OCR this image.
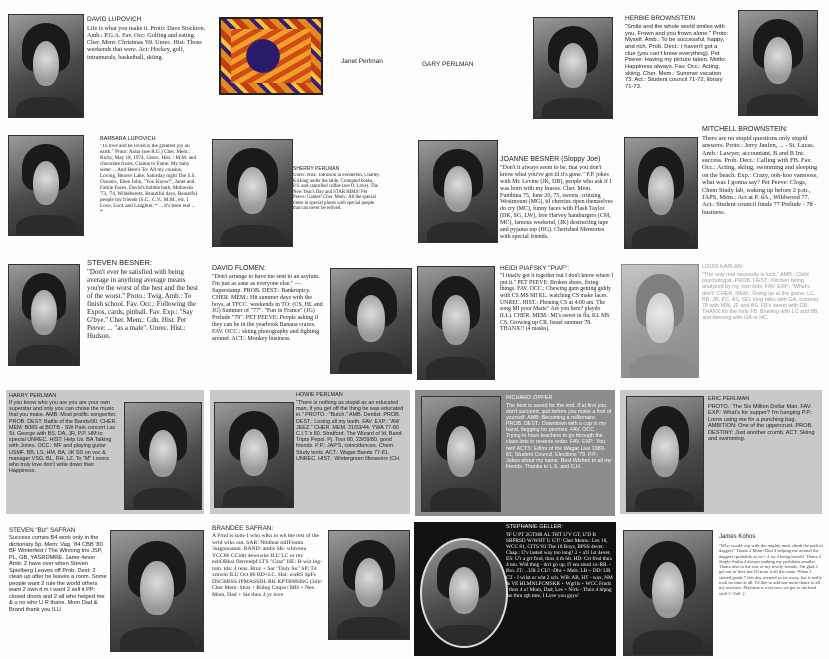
DAVID LUPOVICH
Life is what you make it. Proto: Dave Stockton. Amb.: P.G.A. Fav. Occ: Golfing and eating. Cher. Mem: Christmas '69. Unrec. Hist: Those weekends that were. Act: Hockey, golf, intramurals, basketball, skiing.
Janet Perlman	GARY PERLMAN
HERBIE BROWNSTEIN
"Smile and the whole world smiles with you, Frown and you frown alone." Proto: Myself. Amb.: To be successful, happy, and rich. Prob. Dect.: I haven't got a clue (you can't know everything). Pet Peeve: Having my picture taken. Motto: Happiness always. Fav. Occ.: Acting, skiing. Cher. Mem.: Summer vacation 73. Act.: Student council 71-72, library 71-73.
BARBARA LUPOVICH
"To love and be loved is the greatest joy on earth." Proto: Anita (see R.G.) Cher. Mem.: Ricky, May 18, 1974, Unrec. Hist. / M.M. and chocolate frosts, Claims to Fame: My baby sister ... And Here's To: All my cousins, Loving, Beaver Lake, Saturday night The S.S. Oceanic, Eben John, "You Know!", Janet and Farkle Faces, David's bubble bath, Mohawks '73, '74, Wildeberetz, Beautiful days, Beautiful people my friends (S.C., C.V., M.M., etc. I Love, Luck and Laughter. * ... It's been real ... *
SHERRY PERLMAN
Unrec. Hist.: Intrusion in Fenderton, Charley. Kicking under the table, Crumpled books, P.S. and cancelled coffee (see D. Love). The New Year's Day and STAR HIMS! Pet Peeve: Games! Cher. Mem.: All the special times in special places with special people that can never be relived.
JOANNE BESNER (Sloppy Joe)
"Don't it always seem to be, that you don't know what you've got til it's gone." P.P. jokes with Mr. Levine (JK, DB), people who ask if I was born with my braces. Cher. Mem. Fumbina 75, June 20, 75, sweets, cruising Westmount (MG), til cherries ripen themselves do cry (MC), funny faces with Flash Taylor (DK, SG, LW), free Harvey hamburgers (CM, MC), famous weekend, (JK) destructing tape and pyjama top (HG). Cherished Memories with special friends.
MITCHELL BROWNSTEIN:
There are no stupid questions only stupid answers. Proto.: Jerry Jaufen, ... - St. Lucas. Amb.: Lawyer, accountant, B and B Inc. success. Prob. Dect.: Calling with FB. Fav. Occ.: Acting, skiing, swimming and sleeping on the beach. Exp.: Crazy, ooh-hoo vamoose, what was I gonna say? Pet Peeve: Clogs, Chem Study lab, waking up before 2 p.m., JAPS, Mem.: Act at P. dA., Wildwood 77. Act.: Student council funds 77 Prelude - 78 - business.
STEVEN BESNER:
"Don't ever be satisfied with being average in anything average means you're the worst of the best and the best of the worst." Proto.: Twig. Amb.: To finish school. Fav. Occ.: Following the Expos, cards, pinball. Fav. Exp.: "Say G'bye." Cher. Mem.: Cdn. Hist. Pet Peeve: ... "as a male". Unrec. Hist.: Hudson.
DAVID FLOMEN:
"Don't arrange to have me sent to an asylum. I'm just as sane as everyone else." —Superstamp. PROB. DEST.: Bankruptcy. CHER. MEM.: Hit summer days with the boys, at TFCC. weekends in TO: (CS, HL and JG) Summer of "77". "Fun in France" (JG) Prelude "79". PET PEEVE: People asking if they can be in the yearbook Banana crazes. FAV. OCC.: skiing photography and fighting around. ACT.: Monkey business.
HEIDI PIAFSKY "PIAF":
"I finally got it together but I don't know where I put it." PET PEEVE: Broken shoes, fixing things. FAV. OCC.: Chewing gum getting giddy with CS MS MI KL. watching CS make faces. UNREC. HIST.: Phoning CS at 4:00 am. The song MI poor Marie" Are you here? playdo (LL). CHER. MEM.: MI's sweet in fla, KL MS CS. Growing up CR. Israel summer 78. THANX!! (4 masks).
LOUIS KAPLAN:
"The only real necessity is luck." AMB.: Child psychologist. PROB. DEST.: Kitchen being analyzed by my own kids. FAV. EXP.: "What's don't" CHER. MEM.: Going up at the game, LC, BB, JR, FC, AS, GD, long talks with GA, summer 78 with MW, JF and AS. FB's sweet with GB. THANX for the help FB. Bowling with LC and BB and dancing with GA or HC.
HARRY PERLMAN
If you know who you are you are your own superstar and only you can chose the music that you make. AMB: Most prolific songwriter. PROB. DEST: Battle of the Bands/90. CHER. MEM: BIMS at BOTB - SW Park concert Lac St. George with BS, DA, JR, P.P. HM to special UNREC. HIST: Help Us. BA Talking with Jones. OCC.: MF and playing guitar USMF. BB, LS, HM, BA, JK SD on voc & manager VSG, BL, RH, LZ. To "M" Lovers who truly love don't write down their Happiness.
HOWIE PERLMAN
"There is nothing as stupid as an educated man, if you get off the thing he was educated in." PROTO.: "Butch." AMB. Dentist. PROB. DEST.: Losing all my teeth. FAV. EXP.: "AW JEEZ." CHER. MEM. 31/03/44. YWA 77-80 C.I.T.'s 80. Stratford. The Wizard of Id. Band Tripts Pepsi. Pj. Toor 80. 23/09/80. good friends. P.P.: JAP'S, coincidences. Chem. Study texts. ACT.: Wagar Bands 77-81. UNREC. HIST.: Wintergreen lifesavers (CH.
RICHARD ZIPPER
The best is saved for the end. If at first you don't succeed, quit before you make a fool of yourself. AMB: Becoming a millionaire. PROB. DEST.: Downtown with a cup in my hand, begging for pennies. FAV. OCC.: Trying to have teachers to go through the class lists in reverse order. FAV. EXP.: You twit! ACTS: Editor of the Wagar Live 1980-81, Student Council, Elections '79. P.P.: Jokes about my name. Best Wishes to all my friends. Thanks to L.S. and C.H.
ERIC PERLMAN
PROTO.: The Six Million Dollar Man. FAV. EXP.: What's for supper? I'm hanging P.P.: Lorne using me for a punching bag. AMBITION: One of the uppercrust. PROB. DESTINY: Just another crumb. ACT: Skiing and swimming.
STEVEN "Biz" SAFRAN
Success comes B4 work only in the dictionary 5p. Mem: Vag. '84 CBB '80 BF Winterfest / The Winning trio JSP, PL, GB, YASRDMRE. 1ame 4ever Amb: 2 have over when Steven Spielberg Leaves off Prob. Dest: 2 clean up after he leaves a room. Some people want 2 rule the world others want 2 own it m I want 2 sell it PP: closed doors and 2 all who helped me & u no who U R thanx. Mom Dad & Brand thank you ILU
BRANDEE SAFRAN:
A Frnd is som-1 who wlks in wh the rest of the wrld wlks out. SAR: Nthlhtat mIIFontta 3sagonnanni. RAND: attdls SK: whtvenu YCC86 CCidrt 4ewswhe ILU LC ur my ezbOBksi fibrrentpf LTS "Gtaz" HE: B-wiz ing-tom. tda: 4 rens. Brnz + Sar "Doly Su" SP; T4 xmwm ILU Oct 86 BD+LC. Hal: wuRS SpFc DSCBBSS JPMASSDL RK KPTRMHSG (3d)r: Cher Mem: Strat + Ridng Cmpw/ MH + Nes. Mom, Dad + Ste thnx 4 yr love
STEPHANIE GELLER:
'IF U PT 2GTHR AL THT U'V GT, U'D B SRPRSD W/WHT U GT!' Cher Mems.: Les 10, WCC 81, CITS '81 The 18 Boys, BPSS 4ever. Chap.: U'v lasted way too long! 3 + a'll 1st 4ever. ES: U'r a grt frnd, thnx 4 th hlt. HD: Grt frnd thnx 4 mu. Wld thng - dn't go up, I'l em smrd xx-RR. -Bro. JT: ...UR 2 CU! -Dhr + Mels. LB + DD: UR CT - I wilst ur wht 2 sch. WB: AR, HT - wax, NM & VE HLMNLFCMSKR + Wgrlls + WCC Frnds - thnx 4 u! Mom, Dad, Les + Nick - Thnx 4 hlpng me thru rgh tme, I Love you guys!
James Kohos
"Who would cop with the mighty must climb the path of daggers" Thanx 2 Mom+Dad 4 helping me around the daggers+probably as to-+ 2 sis 4 being herself. Thanx 2 Steph+Sasha 4 always making my problems smaller. Thanx also to the rest of my lovely friends. I'm glad 2 get out of here but I'll miss it all the same. When I started grade 7 this day seemed so far away, but it really took no time at all. I'd like to add one more thanx to all my teachers. Playtime is over now we get to the hard stuff C-Vall :)
